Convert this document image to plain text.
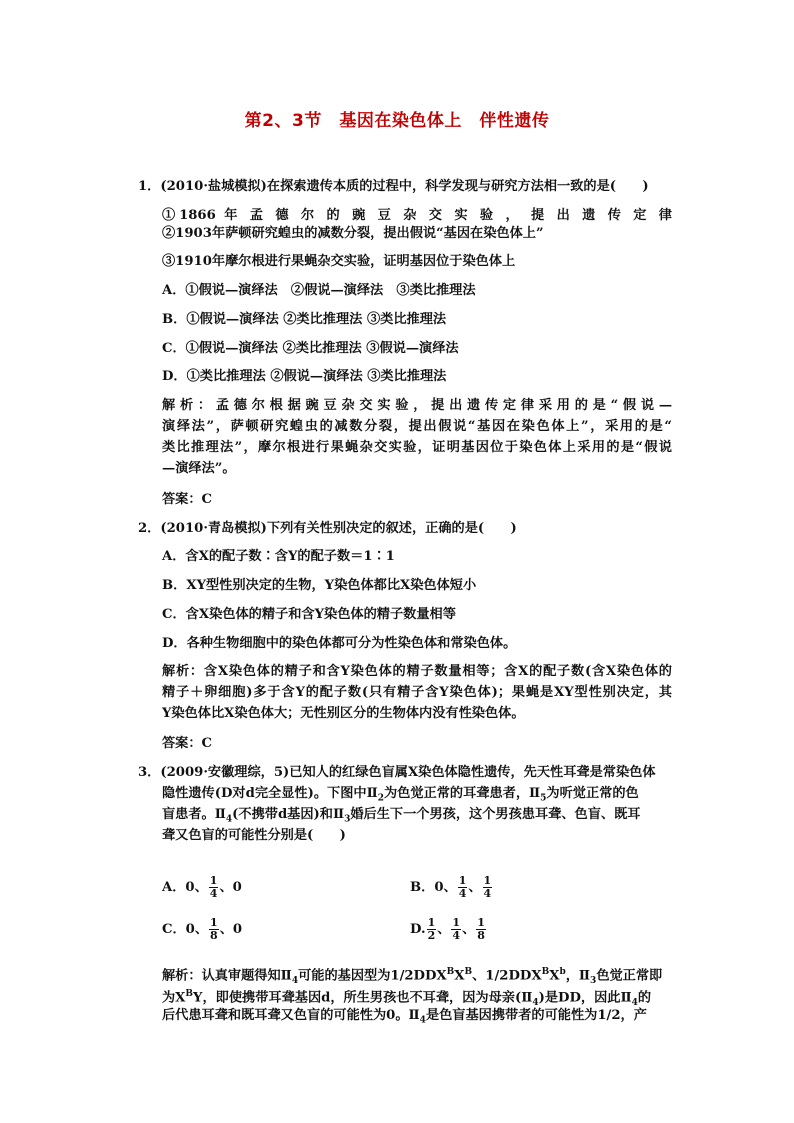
第2、3节　基因在染色体上　伴性遗传
1．(2010·盐城模拟)在探索遗传本质的过程中，科学发现与研究方法相一致的是(　　)
①1866 年 孟 德 尔 的 豌 豆 杂 交 实 验 ， 提 出 遗 传 定 律
②1903年萨顿研究蝗虫的减数分裂，提出假说“基因在染色体上”
③1910年摩尔根进行果蝇杂交实验，证明基因位于染色体上
A．①假说—演绎法　②假说—演绎法　③类比推理法
B．①假说—演绎法 ②类比推理法 ③类比推理法
C．①假说—演绎法 ②类比推理法 ③假说—演绎法
D．①类比推理法 ②假说—演绎法 ③类比推理法
解析：孟德尔根据豌豆杂交实验，提出遗传定律采用的是“假说—
演绎法”，萨顿研究蝗虫的减数分裂，提出假说“基因在染色体上”，采用的是“
类比推理法”，摩尔根进行果蝇杂交实验，证明基因位于染色体上采用的是“假说
—演绎法”。
答案：C
2．(2010·青岛模拟)下列有关性别决定的叙述，正确的是(　　)
A．含X的配子数∶含Y的配子数＝1∶1
B．XY型性别决定的生物，Y染色体都比X染色体短小
C．含X染色体的精子和含Y染色体的精子数量相等
D．各种生物细胞中的染色体都可分为性染色体和常染色体。
解析：含X染色体的精子和含Y染色体的精子数量相等；含X的配子数(含X染色体的
精子＋卵细胞)多于含Y的配子数(只有精子含Y染色体)；果蝇是XY型性别决定，其
Y染色体比X染色体大；无性别区分的生物体内没有性染色体。
答案：C
3．(2009·安徽理综，5)已知人的红绿色盲属X染色体隐性遗传，先天性耳聋是常染色体
隐性遗传(D对d完全显性)。下图中$Ⅱ_2$为色觉正常的耳聋患者，$Ⅱ_5$为听觉正常的色
盲患者。$Ⅱ_4$(不携带d基因)和$Ⅱ_3$婚后生下一个男孩，这个男孩患耳聋、色盲、既耳
聋又色盲的可能性分别是(　　)
A．0、 $\frac{1}{4}$ 、0	B．0、 $\frac{1}{4}$ 、 $\frac{1}{4}$
C．0、 $\frac{1}{8}$ 、0	D. $\frac{1}{2}$ 、 $\frac{1}{4}$ 、 $\frac{1}{8}$
解析：认真审题得知$Ⅱ_4$可能的基因型为$1/2DDX^BX^B$、$1/2DDX^BX^b$，$Ⅱ_3$色觉正常即
为$X^BY$，即使携带耳聋基因d，所生男孩也不耳聋，因为母亲$(Ⅱ_4)$是DD，因此$Ⅱ_4$的
后代患耳聋和既耳聋又色盲的可能性为0。$Ⅱ_4$是色盲基因携带者的可能性为1/2，产
